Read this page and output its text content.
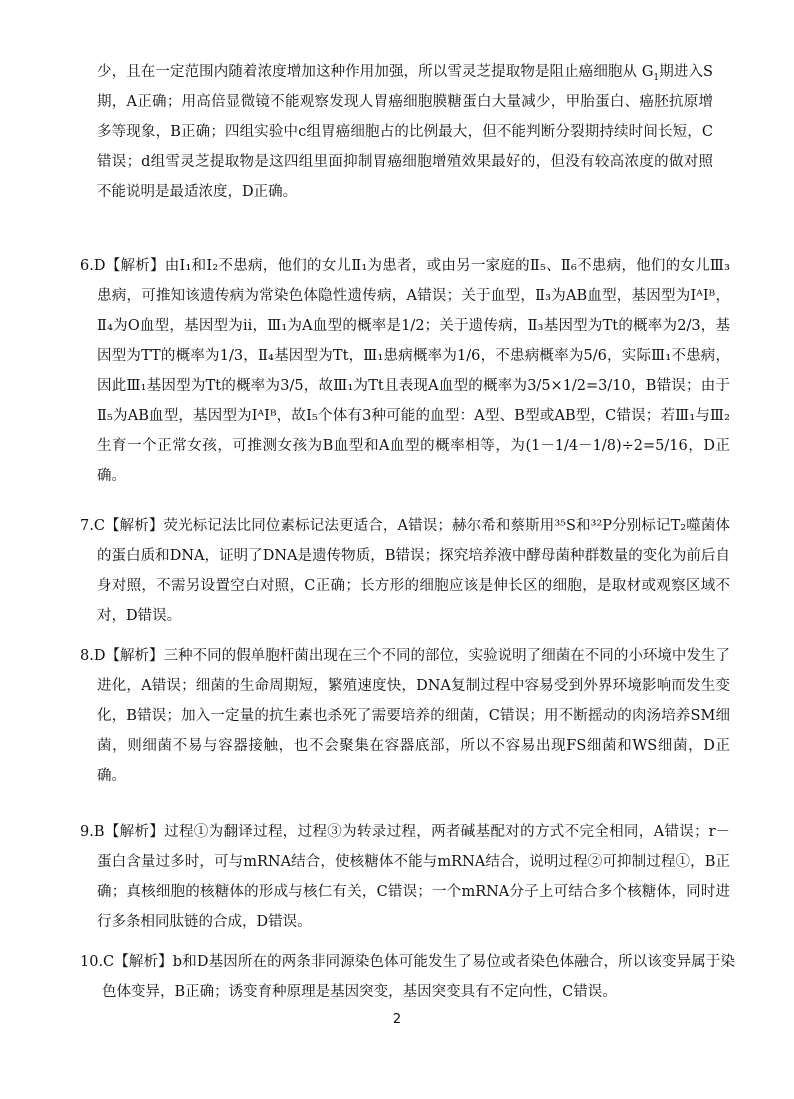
少，且在一定范围内随着浓度增加这种作用加强，所以雪灵芝提取物是阻止癌细胞从 $G_1$期进入S期，A正确；用高倍显微镜不能观察发现人胃癌细胞膜糖蛋白大量减少，甲胎蛋白、癌胚抗原增多等现象，B正确；四组实验中c组胃癌细胞占的比例最大，但不能判断分裂期持续时间长短，C错误；d组雪灵芝提取物是这四组里面抑制胃癌细胞增殖效果最好的，但没有较高浓度的做对照不能说明是最适浓度，D正确。
6.D【解析】由Ⅰ₁和Ⅰ₂不患病，他们的女儿Ⅱ₁为患者，或由另一家庭的Ⅱ₅、Ⅱ₆不患病，他们的女儿Ⅲ₃患病，可推知该遗传病为常染色体隐性遗传病，A错误；关于血型，Ⅱ₃为AB血型，基因型为IᴬIᴮ，Ⅱ₄为O血型，基因型为ii，Ⅲ₁为A血型的概率是1/2；关于遗传病，Ⅱ₃基因型为Tt的概率为2/3，基因型为TT的概率为1/3，Ⅱ₄基因型为Tt，Ⅲ₁患病概率为1/6，不患病概率为5/6，实际Ⅲ₁不患病，因此Ⅲ₁基因型为Tt的概率为3/5，故Ⅲ₁为Tt且表现A血型的概率为3/5×1/2=3/10，B错误；由于Ⅱ₅为AB血型，基因型为IᴬIᴮ，故Ⅰ₅个体有3种可能的血型：A型、B型或AB型，C错误；若Ⅲ₁与Ⅲ₂生育一个正常女孩，可推测女孩为B血型和A血型的概率相等，为(1－1/4－1/8)÷2=5/16，D正确。
7.C【解析】荧光标记法比同位素标记法更适合，A错误；赫尔希和蔡斯用³⁵S和³²P分别标记T₂噬菌体的蛋白质和DNA，证明了DNA是遗传物质，B错误；探究培养液中酵母菌种群数量的变化为前后自身对照，不需另设置空白对照，C正确；长方形的细胞应该是伸长区的细胞，是取材或观察区域不对，D错误。
8.D【解析】三种不同的假单胞杆菌出现在三个不同的部位，实验说明了细菌在不同的小环境中发生了进化，A错误；细菌的生命周期短，繁殖速度快，DNA复制过程中容易受到外界环境影响而发生变化，B错误；加入一定量的抗生素也杀死了需要培养的细菌，C错误；用不断摇动的肉汤培养SM细菌，则细菌不易与容器接触，也不会聚集在容器底部，所以不容易出现FS细菌和WS细菌，D正确。
9.B【解析】过程①为翻译过程，过程③为转录过程，两者碱基配对的方式不完全相同，A错误；r－蛋白含量过多时，可与mRNA结合，使核糖体不能与mRNA结合，说明过程②可抑制过程①，B正确；真核细胞的核糖体的形成与核仁有关，C错误；一个mRNA分子上可结合多个核糖体，同时进行多条相同肽链的合成，D错误。
10.C【解析】b和D基因所在的两条非同源染色体可能发生了易位或者染色体融合，所以该变异属于染色体变异，B正确；诱变育种原理是基因突变，基因突变具有不定向性，C错误。
2
